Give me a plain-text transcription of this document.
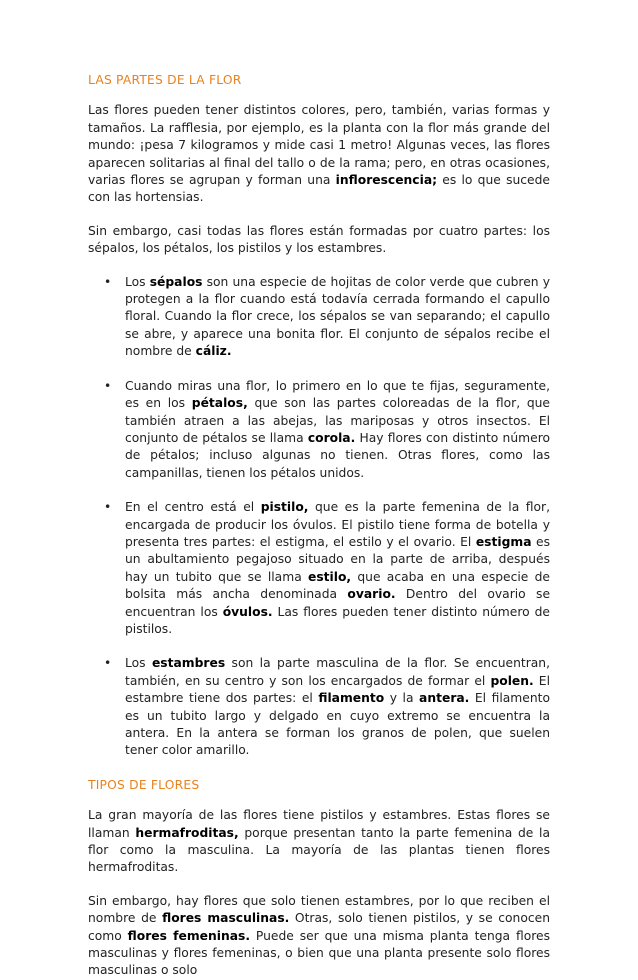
LAS PARTES DE LA FLOR

Las flores pueden tener distintos colores, pero, también, varias formas y tamaños. La rafflesia, por ejemplo, es la planta con la flor más grande del mundo: ¡pesa 7 kilogramos y mide casi 1 metro! Algunas veces, las flores aparecen solitarias al final del tallo o de la rama; pero, en otras ocasiones, varias flores se agrupan y forman una inflorescencia; es lo que sucede con las hortensias.

Sin embargo, casi todas las flores están formadas por cuatro partes: los sépalos, los pétalos, los pistilos y los estambres.

• Los sépalos son una especie de hojitas de color verde que cubren y protegen a la flor cuando está todavía cerrada formando el capullo floral. Cuando la flor crece, los sépalos se van separando; el capullo se abre, y aparece una bonita flor. El conjunto de sépalos recibe el nombre de cáliz.
• Cuando miras una flor, lo primero en lo que te fijas, seguramente, es en los pétalos, que son las partes coloreadas de la flor, que también atraen a las abejas, las mariposas y otros insectos. El conjunto de pétalos se llama corola. Hay flores con distinto número de pétalos; incluso algunas no tienen. Otras flores, como las campanillas, tienen los pétalos unidos.
• En el centro está el pistilo, que es la parte femenina de la flor, encargada de producir los óvulos. El pistilo tiene forma de botella y presenta tres partes: el estigma, el estilo y el ovario. El estigma es un abultamiento pegajoso situado en la parte de arriba, después hay un tubito que se llama estilo, que acaba en una especie de bolsita más ancha denominada ovario. Dentro del ovario se encuentran los óvulos. Las flores pueden tener distinto número de pistilos.
• Los estambres son la parte masculina de la flor. Se encuentran, también, en su centro y son los encargados de formar el polen. El estambre tiene dos partes: el filamento y la antera. El filamento es un tubito largo y delgado en cuyo extremo se encuentra la antera. En la antera se forman los granos de polen, que suelen tener color amarillo.
TIPOS DE FLORES

La gran mayoría de las flores tiene pistilos y estambres. Estas flores se llaman hermafroditas, porque presentan tanto la parte femenina de la flor como la masculina. La mayoría de las plantas tienen flores hermafroditas.

Sin embargo, hay flores que solo tienen estambres, por lo que reciben el nombre de flores masculinas. Otras, solo tienen pistilos, y se conocen como flores femeninas. Puede ser que una misma planta tenga flores masculinas y flores femeninas, o bien que una planta presente solo flores masculinas o solo
